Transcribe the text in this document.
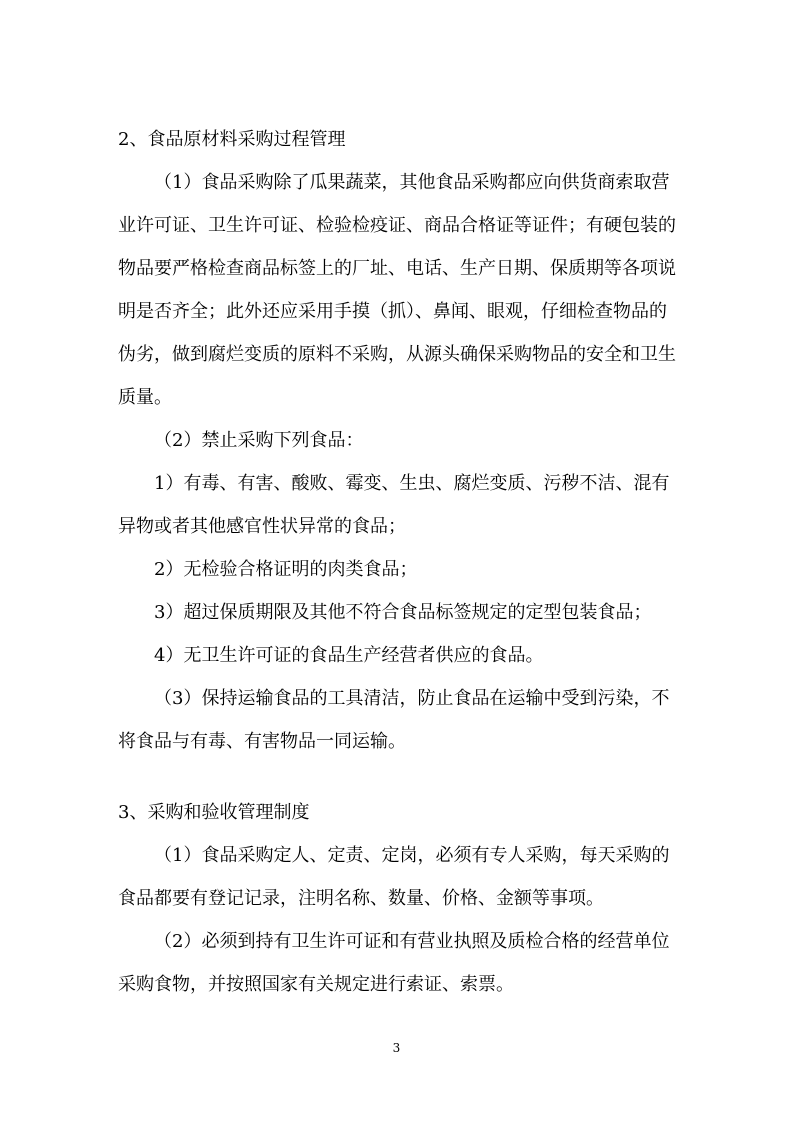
2、食品原材料采购过程管理

（1）食品采购除了瓜果蔬菜，其他食品采购都应向供货商索取营业许可证、卫生许可证、检验检疫证、商品合格证等证件；有硬包装的物品要严格检查商品标签上的厂址、电话、生产日期、保质期等各项说明是否齐全；此外还应采用手摸（抓）、鼻闻、眼观，仔细检查物品的伪劣，做到腐烂变质的原料不采购，从源头确保采购物品的安全和卫生质量。

（2）禁止采购下列食品：

1）有毒、有害、酸败、霉变、生虫、腐烂变质、污秽不洁、混有异物或者其他感官性状异常的食品；

2）无检验合格证明的肉类食品；

3）超过保质期限及其他不符合食品标签规定的定型包装食品；

4）无卫生许可证的食品生产经营者供应的食品。

（3）保持运输食品的工具清洁，防止食品在运输中受到污染，不将食品与有毒、有害物品一同运输。

3、采购和验收管理制度

（1）食品采购定人、定责、定岗，必须有专人采购，每天采购的食品都要有登记记录，注明名称、数量、价格、金额等事项。

（2）必须到持有卫生许可证和有营业执照及质检合格的经营单位采购食物，并按照国家有关规定进行索证、索票。

3
